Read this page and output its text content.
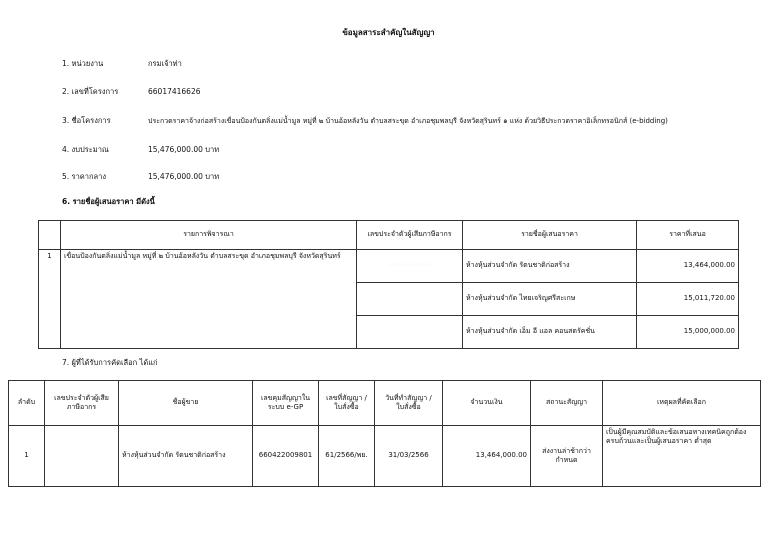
ข้อมูลสาระสำคัญในสัญญา
1. หน่วยงาน	กรมเจ้าท่า
2. เลขที่โครงการ	66017416626
3. ชื่อโครงการ	ประกวดราคาจ้างก่อสร้างเขื่อนป้องกันตลิ่งแม่น้ำมูล หมู่ที่ ๒ บ้านอ้อหลังวัน ตำบลสระขุด อำเภอชุมพลบุรี จังหวัดสุรินทร์ ๑ แห่ง ด้วยวิธีประกวดราคาอิเล็กทรอนิกส์ (e-bidding)
4. งบประมาณ	15,476,000.00 บาท
5. ราคากลาง	15,476,000.00 บาท
6. รายชื่อผู้เสนอราคา มีดังนี้
	รายการพิจารณา	เลขประจำตัวผู้เสียภาษีอากร	รายชื่อผู้เสนอราคา	ราคาที่เสนอ
1	เขื่อนป้องกันตลิ่งแม่น้ำมูล หมู่ที่ ๒ บ้านอ้อหลังวัน ตำบลสระขุด อำเภอชุมพลบุรี จังหวัดสุรินทร์	· · · · · · · · · ·	ห้างหุ้นส่วนจำกัด รัตนชาติก่อสร้าง	13,464,000.00
			ห้างหุ้นส่วนจำกัด ไทยเจริญศรีสะเกษ	15,011,720.00
			ห้างหุ้นส่วนจำกัด เอ็ม อี แอล คอนสตรัคชั่น	15,000,000.00
7. ผู้ที่ได้รับการคัดเลือก ได้แก่
ลำดับ	เลขประจำตัวผู้เสียภาษีอากร	ชื่อผู้ขาย	เลขคุมสัญญาในระบบ e-GP	เลขที่สัญญา / ใบสั่งซื้อ	วันที่ทำสัญญา / ใบสั่งซื้อ	จำนวนเงิน	สถานะสัญญา	เหตุผลที่คัดเลือก
1		ห้างหุ้นส่วนจำกัด รัตนชาติก่อสร้าง	660422009801	61/2566/พย.	31/03/2566	13,464,000.00	ส่งงานล่าช้ากว่ากำหนด	เป็นผู้มีคุณสมบัติและข้อเสนอทางเทคนิคถูกต้องครบถ้วนและเป็นผู้เสนอราคา ต่ำสุด
